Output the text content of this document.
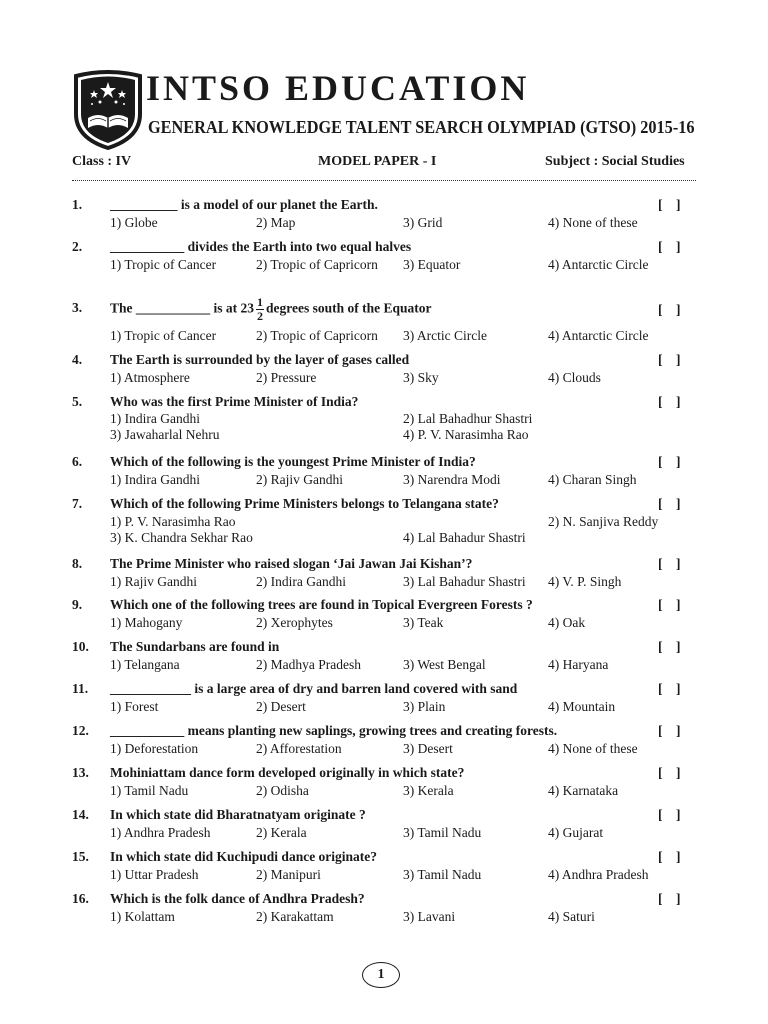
INTSO EDUCATION
GENERAL KNOWLEDGE TALENT SEARCH OLYMPIAD (GTSO) 2015-16
Class : IV	MODEL PAPER - I	Subject : Social Studies
1. __________ is a model of our planet the Earth.	[    ]
1) Globe	2) Map	3) Grid	4) None of these
2. ___________ divides the Earth into two equal halves	[    ]
1) Tropic of Cancer	2) Tropic of Capricorn 3) Equator	4) Antarctic Circle
3. The ___________ is at $23 \frac{1}{2}$ degrees south of the Equator	[    ]
1) Tropic of Cancer	2) Tropic of Capricorn 3) Arctic Circle	4) Antarctic Circle
4. The Earth is surrounded by the layer of gases called	[    ]
1) Atmosphere	2) Pressure	3) Sky	4) Clouds
5. Who was the first Prime Minister of India?	[    ]
1) Indira Gandhi	2) Lal Bahadhur Shastri
3) Jawaharlal Nehru	4) P. V. Narasimha Rao
6. Which of the following is the youngest Prime Minister of India?	[    ]
1) Indira Gandhi	2) Rajiv Gandhi	3) Narendra Modi	4) Charan Singh
7. Which of the following Prime Ministers belongs to Telangana state?	[    ]
1) P. V. Narasimha Rao	2) N. Sanjiva Reddy
3) K. Chandra Sekhar Rao	4) Lal Bahadur Shastri
8. The Prime Minister who raised slogan ‘Jai Jawan Jai Kishan’?	[    ]
1) Rajiv Gandhi	2) Indira Gandhi	3) Lal Bahadur Shastri 4) V. P. Singh
9. Which one of the following trees are found in Topical Evergreen Forests ?	[    ]
1) Mahogany	2) Xerophytes	3) Teak	4) Oak
10. The Sundarbans are found in	[    ]
1) Telangana	2) Madhya Pradesh	3) West Bengal	4) Haryana
11. ____________ is a large area of dry and barren land covered with sand	[    ]
1) Forest	2) Desert	3) Plain	4) Mountain
12. ___________ means planting new saplings, growing trees and creating forests.	[    ]
1) Deforestation	2) Afforestation	3) Desert	4) None of these
13. Mohiniattam dance form developed originally in which state?	[    ]
1) Tamil Nadu	2) Odisha	3) Kerala	4) Karnataka
14. In which state did Bharatnatyam originate ?	[    ]
1) Andhra Pradesh	2) Kerala	3) Tamil Nadu	4) Gujarat
15. In which state did Kuchipudi dance originate?	[    ]
1) Uttar Pradesh	2) Manipuri	3) Tamil Nadu	4) Andhra Pradesh
16. Which is the folk dance of Andhra Pradesh?	[    ]
1) Kolattam	2) Karakattam	3) Lavani	4) Saturi
1
